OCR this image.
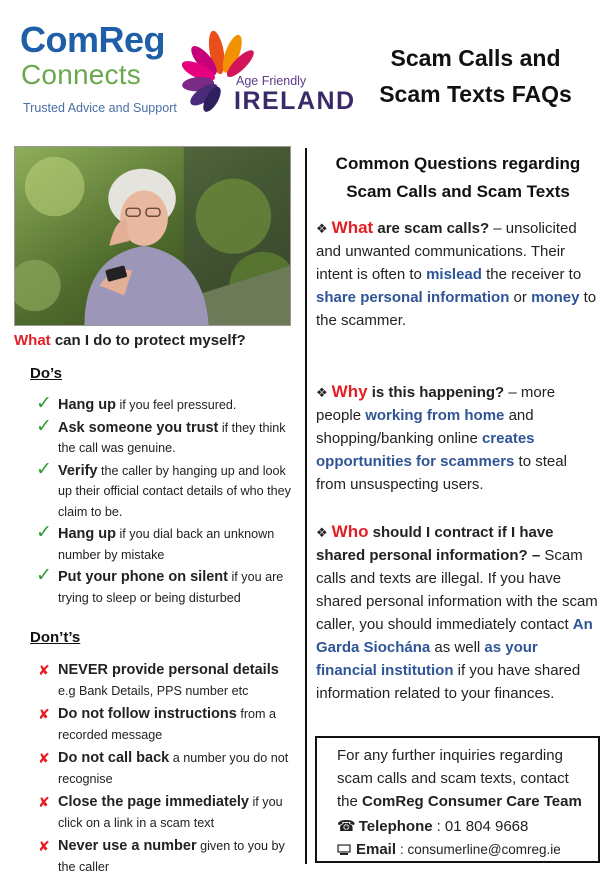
ComReg
Connects
Trusted Advice and Support
Age Friendly
IRELAND
Scam Calls and
Scam Texts FAQs
What can I do to protect myself?
Do’s
✓ Hang up if you feel pressured.
✓ Ask someone you trust if they think the call was genuine.
✓ Verify the caller by hanging up and look up their official contact details of who they claim to be.
✓ Hang up if you dial back an unknown number by mistake
✓ Put your phone on silent if you are trying to sleep or being disturbed
Don’t’s
✘ NEVER provide personal details e.g Bank Details, PPS number etc
✘ Do not follow instructions from a recorded message
✘ Do not call back a number you do not recognise
✘ Close the page immediately if you click on a link in a scam text
✘ Never use a number given to you by the caller
Common Questions regarding
Scam Calls and Scam Texts
❖ What are scam calls? – unsolicited and unwanted communications. Their intent is often to mislead the receiver to share personal information or money to the scammer.
❖ Why is this happening? – more people working from home and shopping/banking online creates opportunities for scammers to steal from unsuspecting users.
❖ Who should I contract if I have shared personal information? – Scam calls and texts are illegal. If you have shared personal information with the scam caller, you should immediately contact An Garda Siochána as well as your financial institution if you have shared information related to your finances.
For any further inquiries regarding scam calls and scam texts, contact the ComReg Consumer Care Team
☎ Telephone : 01 804 9668
Email : consumerline@comreg.ie
